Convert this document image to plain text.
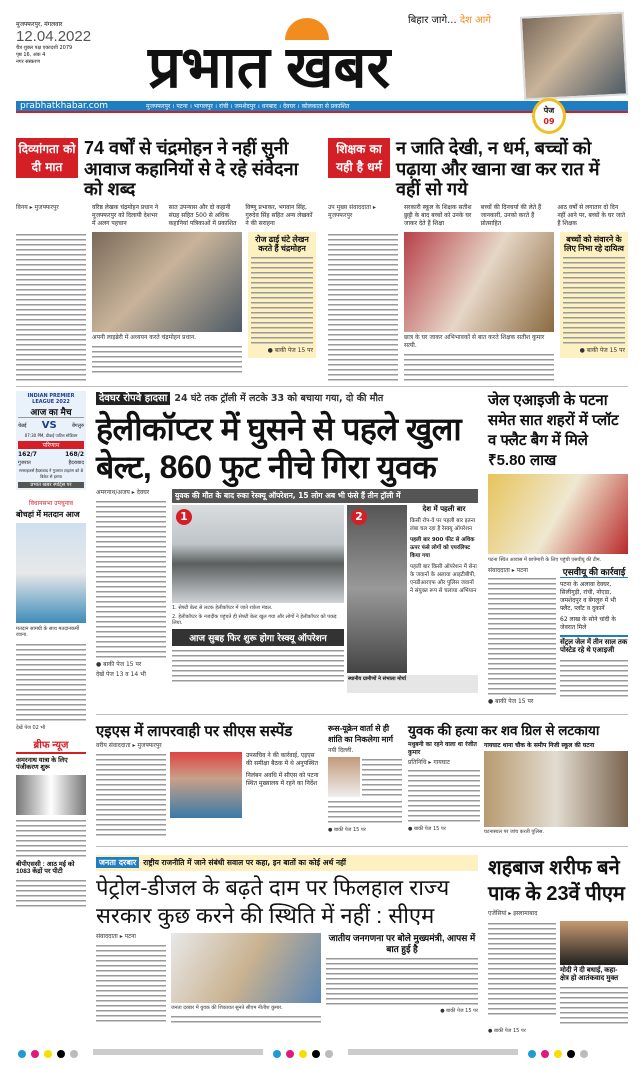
मुजफ्फरपुर, मंगलवार
12.04.2022
चैत्र शुक्ल पक्ष एकादशी 2079
पृष्ठ 16, अंक 4
नगर संस्करण	प्रभात खबर
बिहार जागे... देश आगे
prabhatkhabar.com	मुजफ्फरपुर । पटना । भागलपुर । रांची । जमशेदपुर । धनबाद । देवघर । कोलकाता से प्रकाशित	पेज
09
दिव्यांगता को दी मात
74 वर्षों से चंद्रमोहन ने नहीं सुनी आवाज कहानियों से दे रहे संवेदना को शब्द
विनय ▸ मुजफ्फरपुर	वरिष्ठ लेखक चंद्रमोहन प्रधान ने मुजफ्फरपुर को दिलायी देशभर में अलग पहचान
सात उपन्यास और दो कहानी संग्रह सहित 500 से अधिक कहानियां पत्रिकाओं में प्रकाशित
विष्णु प्रभाकर, भगवान सिंह, गुरुदेव सिंह सहित अन्य लेखकों ने की सराहना
अपनी लाइब्रेरी में अध्ययन करते चंद्रमोहन प्रधान.
रोज ढाई घंटे लेखन करते हैं चंद्रमोहन
● बाकी पेज 15 पर
शिक्षक का यही है धर्म
न जाति देखी, न धर्म, बच्चों को पढ़ाया और खाना खा कर रात में वहीं सो गये
उप मुख्य संवाददाता ▸ मुजफ्फरपुर
सरकारी स्कूल के शिक्षक सतीश छुट्टी के बाद बच्चों को उनके घर जाकर देते हैं शिक्षा
बच्चों की दिनचर्या की लेते हैं जानकारी, उनको करते हैं प्रोत्साहित
आठ वर्षों से लगातार दो दिन नहीं आने पर, बच्चों के घर जाते हैं शिक्षक
छात्र के घर जाकर अभिभावकों से बात करते शिक्षक सतीश कुमार सत्यी.
बच्चों को संवारने के लिए निभा रहे दायित्व
● बाकी पेज 15 पर
INDIAN PREMIER LEAGUE 2022
आज का मैच
चेन्नई VS	बेंगलुरु
07:30 PM, डीवाई पाटिल स्टेडियम
परिणाम
162/7	168/2
गुजरात	हैदराबाद
सनराइजर्स हैदराबाद ने गुजरात टाइटंस को 8 विकेट से हराया
प्रभात खबर स्पोर्ट्स पर
विधानसभा उपचुनाव
बोचहां में मतदान आज
मतदान सामग्री के साथ मतदानकर्मी रवाना.
देखें पेज 02 भी
ब्रीफ न्यूज
अमरनाथ यात्रा के लिए पंजीकरण शुरू
बीपीएससी : आठ मई को 1083 केंद्रों पर पीटी
देवघर रोपवे हादसा 24 घंटे तक ट्रॉली में लटके 33 को बचाया गया, दो की मौत
हेलीकॉप्टर में घुसने से पहले खुला बेल्ट, 860 फुट नीचे गिरा युवक
अमरनाथ/अजय ▸ देवघर
● बाकी पेज 15 पर
देखें पेज 13 व 14 भी
युवक की मौत के बाद रुका रेस्क्यू ऑपरेशन, 15 लोग अब भी फंसे हैं तीन ट्रॉली में
1
1. सेफ्टी बेल्ट से लटक हेलीकॉप्टर में जाते राकेश मंडल.
2. हेलीकॉप्टर के नजदीक पहुंचते ही सेफ्टी बेल्ट खुल गया और लोगों ने हेलीकॉप्टर को पकड़ लिया.
आज सुबह फिर शुरू होगा रेस्क्यू ऑपरेशन
2
देश में पहली बार
किसी रोप-वे पर पहली बार इतना लंबा चल रहा है रेस्क्यू ऑपरेशन
पहली बार 900 फीट से अधिक ऊपर फंसे लोगों को एयरलिफ्ट किया गया
पहली बार किसी ऑपरेशन में सेना के जवानों के अलावा आइटीबीपी, एनडीआरएफ और पुलिस जवानों ने संयुक्त रूप से चलाया अभियान
स्थानीय ग्रामीणों ने संभाला मोर्चा
जेल एआइजी के पटना समेत सात शहरों में प्लॉट व फ्लैट बैग में मिले ₹5.80 लाख
पटना स्थित आवास में छापेमारी के लिए पहुंची एसवीयू की टीम.
संवाददाता ▸ पटना
● बाकी पेज 15 पर
एसवीयू की कार्रवाई
पटना के अलावा देवघर, सिलीगुड़ी, रांची, नोएडा, जमशेदपुर व बेंगलुरु में भी फ्लैट, प्लॉट व दुकानें
62 लाख के सोने चांदी के जेवरात मिले
सेंट्रल जेल में तीन साल तक पोस्टेड रहे थे एआइजी
एइएस में लापरवाही पर सीएस सस्पेंड
वरीय संवाददाता ▸ मुजफ्फरपुर
उपसचिव ने की कार्रवाई, एइएस की समीक्षा बैठक में थे अनुपस्थित
निलंबन अवधि में सीएस को पटना स्थित मुख्यालय में रहने का निर्देश
रूस-यूक्रेन वार्ता से ही शांति का निकलेगा मार्ग
नयी दिल्ली.
● बाकी पेज 15 पर
युवक की हत्या कर शव ग्रिल से लटकाया
मधुबनी का रहने वाला था रंजीत कुमार
प्रतिनिधि ▸ गायघाट
● बाकी पेज 15 पर
गायघाट थाना चौक के समीप निजी स्कूल की घटना
घटनास्थल पर जांच करती पुलिस.
जनता दरबार राष्ट्रीय राजनीति में जाने संबंधी सवाल पर कहा, इन बातों का कोई अर्थ नहीं
पेट्रोल-डीजल के बढ़ते दाम पर फिलहाल राज्य सरकार कुछ करने की स्थिति में नहीं : सीएम
संवाददाता ▸ पटना
जनता दरबार में युवक की शिकायत सुनते सीएम नीतीश कुमार.
जातीय जनगणना पर बोले मुख्यमंत्री, आपस में बात हुई है
● बाकी पेज 15 पर
शहबाज शरीफ बने पाक के 23वें पीएम
एजेंसियां ▸ इस्लामाबाद
मोदी ने दी बधाई, कहा- क्षेत्र हो आतंकवाद मुक्त
● बाकी पेज 15 पर
